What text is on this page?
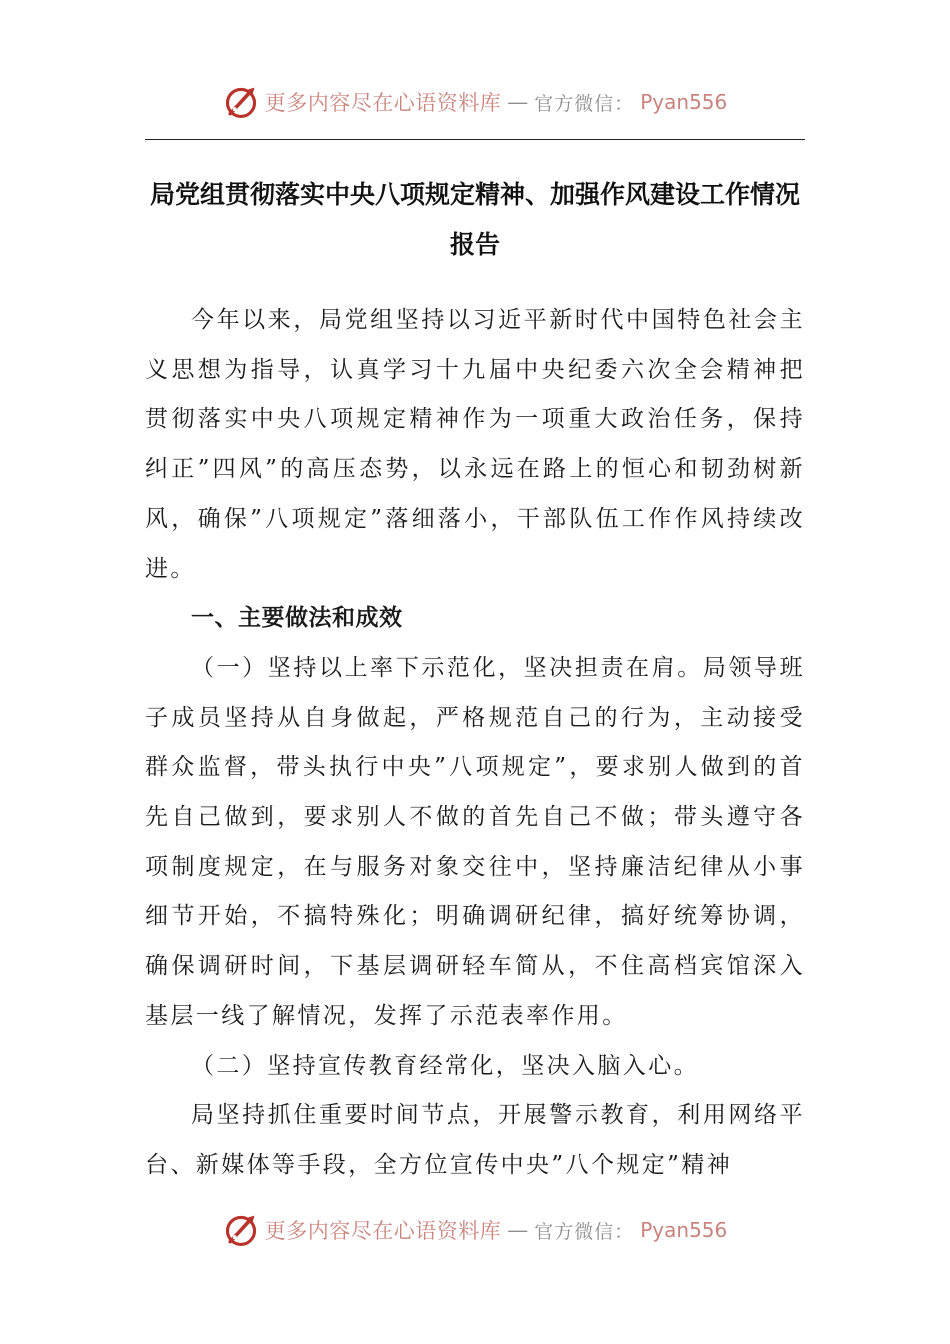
更多内容尽在心语资料库 — 官方微信： Pyan556
局党组贯彻落实中央八项规定精神、加强作风建设工作情况报告

今年以来，局党组坚持以习近平新时代中国特色社会主义思想为指导，认真学习十九届中央纪委六次全会精神把贯彻落实中央八项规定精神作为一项重大政治任务，保持纠正”四风”的高压态势，以永远在路上的恒心和韧劲树新风，确保”八项规定”落细落小，干部队伍工作作风持续改进。

一、主要做法和成效

（一）坚持以上率下示范化，坚决担责在肩。局领导班子成员坚持从自身做起，严格规范自己的行为，主动接受群众监督，带头执行中央”八项规定”，要求别人做到的首先自己做到，要求别人不做的首先自己不做；带头遵守各项制度规定，在与服务对象交往中，坚持廉洁纪律从小事细节开始，不搞特殊化；明确调研纪律，搞好统筹协调，确保调研时间，下基层调研轻车简从，不住高档宾馆深入基层一线了解情况，发挥了示范表率作用。

（二）坚持宣传教育经常化，坚决入脑入心。

局坚持抓住重要时间节点，开展警示教育，利用网络平台、新媒体等手段，全方位宣传中央”八个规定”精神

更多内容尽在心语资料库 — 官方微信： Pyan556
